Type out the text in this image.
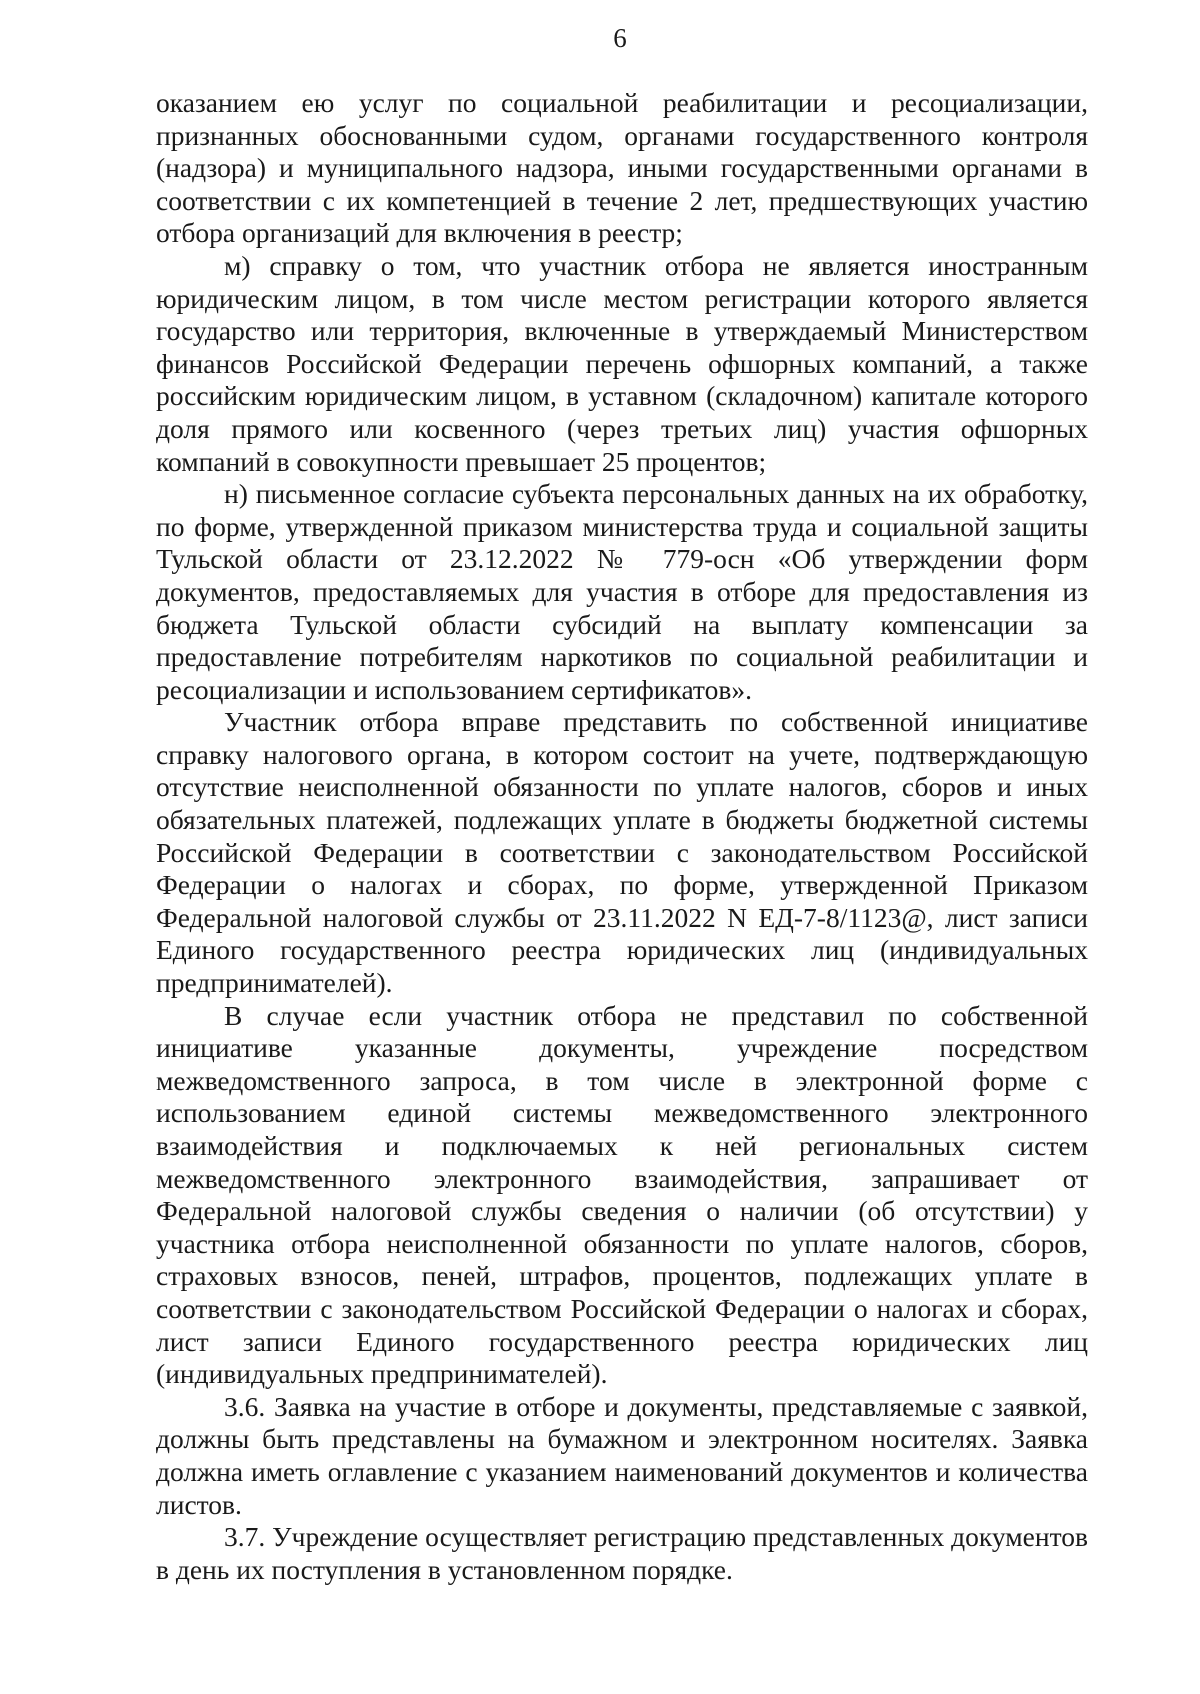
6

оказанием ею услуг по социальной реабилитации и ресоциализации, признанных обоснованными судом, органами государственного контроля (надзора) и муниципального надзора, иными государственными органами в соответствии с их компетенцией в течение 2 лет, предшествующих участию отбора организаций для включения в реестр;

м) справку о том, что участник отбора не является иностранным юридическим лицом, в том числе местом регистрации которого является государство или территория, включенные в утверждаемый Министерством финансов Российской Федерации перечень офшорных компаний, а также российским юридическим лицом, в уставном (складочном) капитале которого доля прямого или косвенного (через третьих лиц) участия офшорных компаний в совокупности превышает 25 процентов;

н) письменное согласие субъекта персональных данных на их обработку, по форме, утвержденной приказом министерства труда и социальной защиты Тульской области от 23.12.2022 № 779-осн «Об утверждении форм документов, предоставляемых для участия в отборе для предоставления из бюджета Тульской области субсидий на выплату компенсации за предоставление потребителям наркотиков по социальной реабилитации и ресоциализации и использованием сертификатов».

Участник отбора вправе представить по собственной инициативе справку налогового органа, в котором состоит на учете, подтверждающую отсутствие неисполненной обязанности по уплате налогов, сборов и иных обязательных платежей, подлежащих уплате в бюджеты бюджетной системы Российской Федерации в соответствии с законодательством Российской Федерации о налогах и сборах, по форме, утвержденной Приказом Федеральной налоговой службы от 23.11.2022 N ЕД-7-8/1123@, лист записи Единого государственного реестра юридических лиц (индивидуальных предпринимателей).

В случае если участник отбора не представил по собственной инициативе указанные документы, учреждение посредством межведомственного запроса, в том числе в электронной форме с использованием единой системы межведомственного электронного взаимодействия и подключаемых к ней региональных систем межведомственного электронного взаимодействия, запрашивает от Федеральной налоговой службы сведения о наличии (об отсутствии) у участника отбора неисполненной обязанности по уплате налогов, сборов, страховых взносов, пеней, штрафов, процентов, подлежащих уплате в соответствии с законодательством Российской Федерации о налогах и сборах, лист записи Единого государственного реестра юридических лиц (индивидуальных предпринимателей).

3.6. Заявка на участие в отборе и документы, представляемые с заявкой, должны быть представлены на бумажном и электронном носителях. Заявка должна иметь оглавление с указанием наименований документов и количества листов.

3.7. Учреждение осуществляет регистрацию представленных документов в день их поступления в установленном порядке.
